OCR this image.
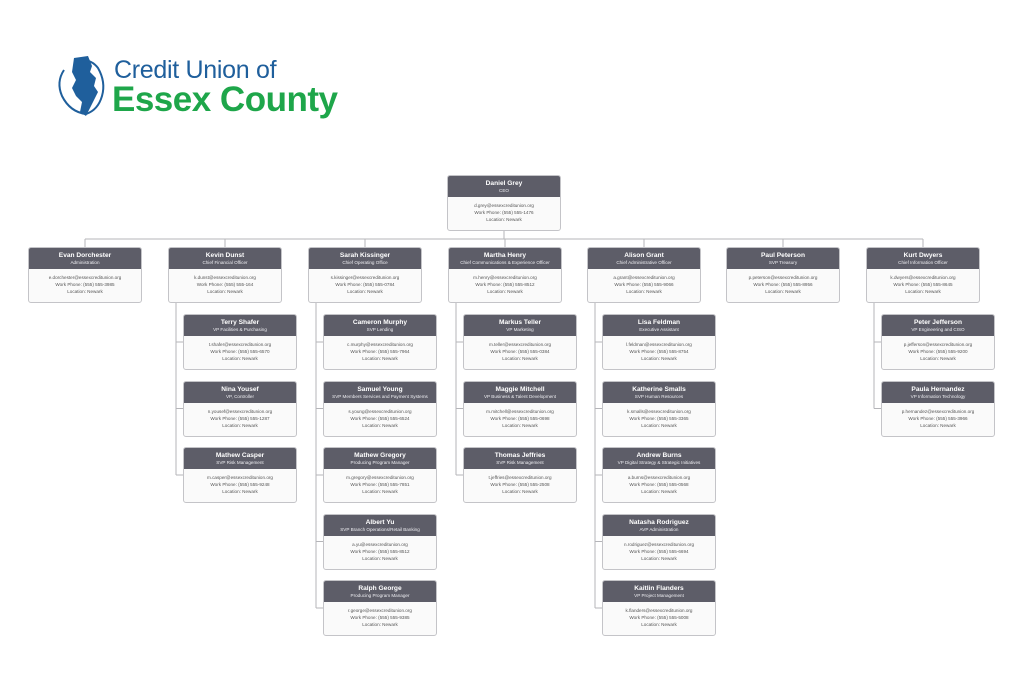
Credit Union of
Essex County
Daniel Grey
CEO
d.grey@essexcreditunion.org
Work Phone: (555) 555-1476
Location: Newark
Evan Dorchester
Administration
e.dorchester@essexcreditunion.org
Work Phone: (555) 555-3985
Location: Newark
Kevin Dunst
Chief Financial Officer
k.dunst@essexcreditunion.org
Work Phone: (555) 555-164
Location: Newark
Terry Shafer
VP Facilities & Purchasing
t.shafer@essexcreditunion.org
Work Phone: (555) 555-6570
Location: Newark
Nina Yousef
VP, Controller
n.yousef@essexcreditunion.org
Work Phone: (555) 555-1287
Location: Newark
Mathew Casper
SVP Risk Management
m.casper@essexcreditunion.org
Work Phone: (555) 555-9248
Location: Newark
Sarah Kissinger
Chief Operating Office
s.kissinger@essexcreditunion.org
Work Phone: (555) 555-0784
Location: Newark
Cameron Murphy
SVP Lending
c.murphy@essexcreditunion.org
Work Phone: (555) 555-7964
Location: Newark
Samuel Young
SVP Members Services and Payment Systems
s.young@essexcreditunion.org
Work Phone: (555) 555-6524
Location: Newark
Mathew Gregory
Producing Program Manager
m.gregory@essexcreditunion.org
Work Phone: (555) 555-7851
Location: Newark
Albert Yu
SVP Branch Operations/Retail Banking
a.yu@essexcreditunion.org
Work Phone: (555) 555-8512
Location: Newark
Ralph George
Producing Program Manager
r.george@essexcreditunion.org
Work Phone: (555) 555-9385
Location: Newark
Martha Henry
Chief Communications & Experience Officer
m.henry@essexcreditunion.org
Work Phone: (555) 555-8512
Location: Newark
Markus Teller
VP Marketing
m.teller@essexcreditunion.org
Work Phone: (555) 555-0384
Location: Newark
Maggie Mitchell
VP Business & Talent Development
m.mitchell@essexcreditunion.org
Work Phone: (555) 555-0698
Location: Newark
Thomas Jeffries
SVP Risk Management
t.jeffries@essexcreditunion.org
Work Phone: (555) 555-2508
Location: Newark
Alison Grant
Chief Administrative Officer
a.grant@essexcreditunion.org
Work Phone: (555) 555-9066
Location: Newark
Lisa Feldman
Executive Assistant
l.feldman@essexcreditunion.org
Work Phone: (555) 555-8754
Location: Newark
Katherine Smalls
SVP Human Resources
k.smalls@essexcreditunion.org
Work Phone: (555) 555-3365
Location: Newark
Andrew Burns
VP Digital Strategy & Strategic Initiatives
a.burns@essexcreditunion.org
Work Phone: (555) 555-0568
Location: Newark
Natasha Rodriguez
AVP Administration
n.rodriguez@essexcreditunion.org
Work Phone: (555) 555-6694
Location: Newark
Kaitlin Flanders
VP Project Management
k.flanders@essexcreditunion.org
Work Phone: (555) 555-5008
Location: Newark
Paul Peterson
SVP Treasury
p.peterson@essexcreditunion.org
Work Phone: (555) 555-8956
Location: Newark
Kurt Dwyers
Chief Information Officer
k.dwyers@essexcreditunion.org
Work Phone: (555) 555-8645
Location: Newark
Peter Jefferson
VP Engineering and CISO
p.jefferson@essexcreditunion.org
Work Phone: (555) 555-9200
Location: Newark
Paula Hernandez
VP Information Technology
p.hernandez@essexcreditunion.org
Work Phone: (555) 555-3966
Location: Newark
